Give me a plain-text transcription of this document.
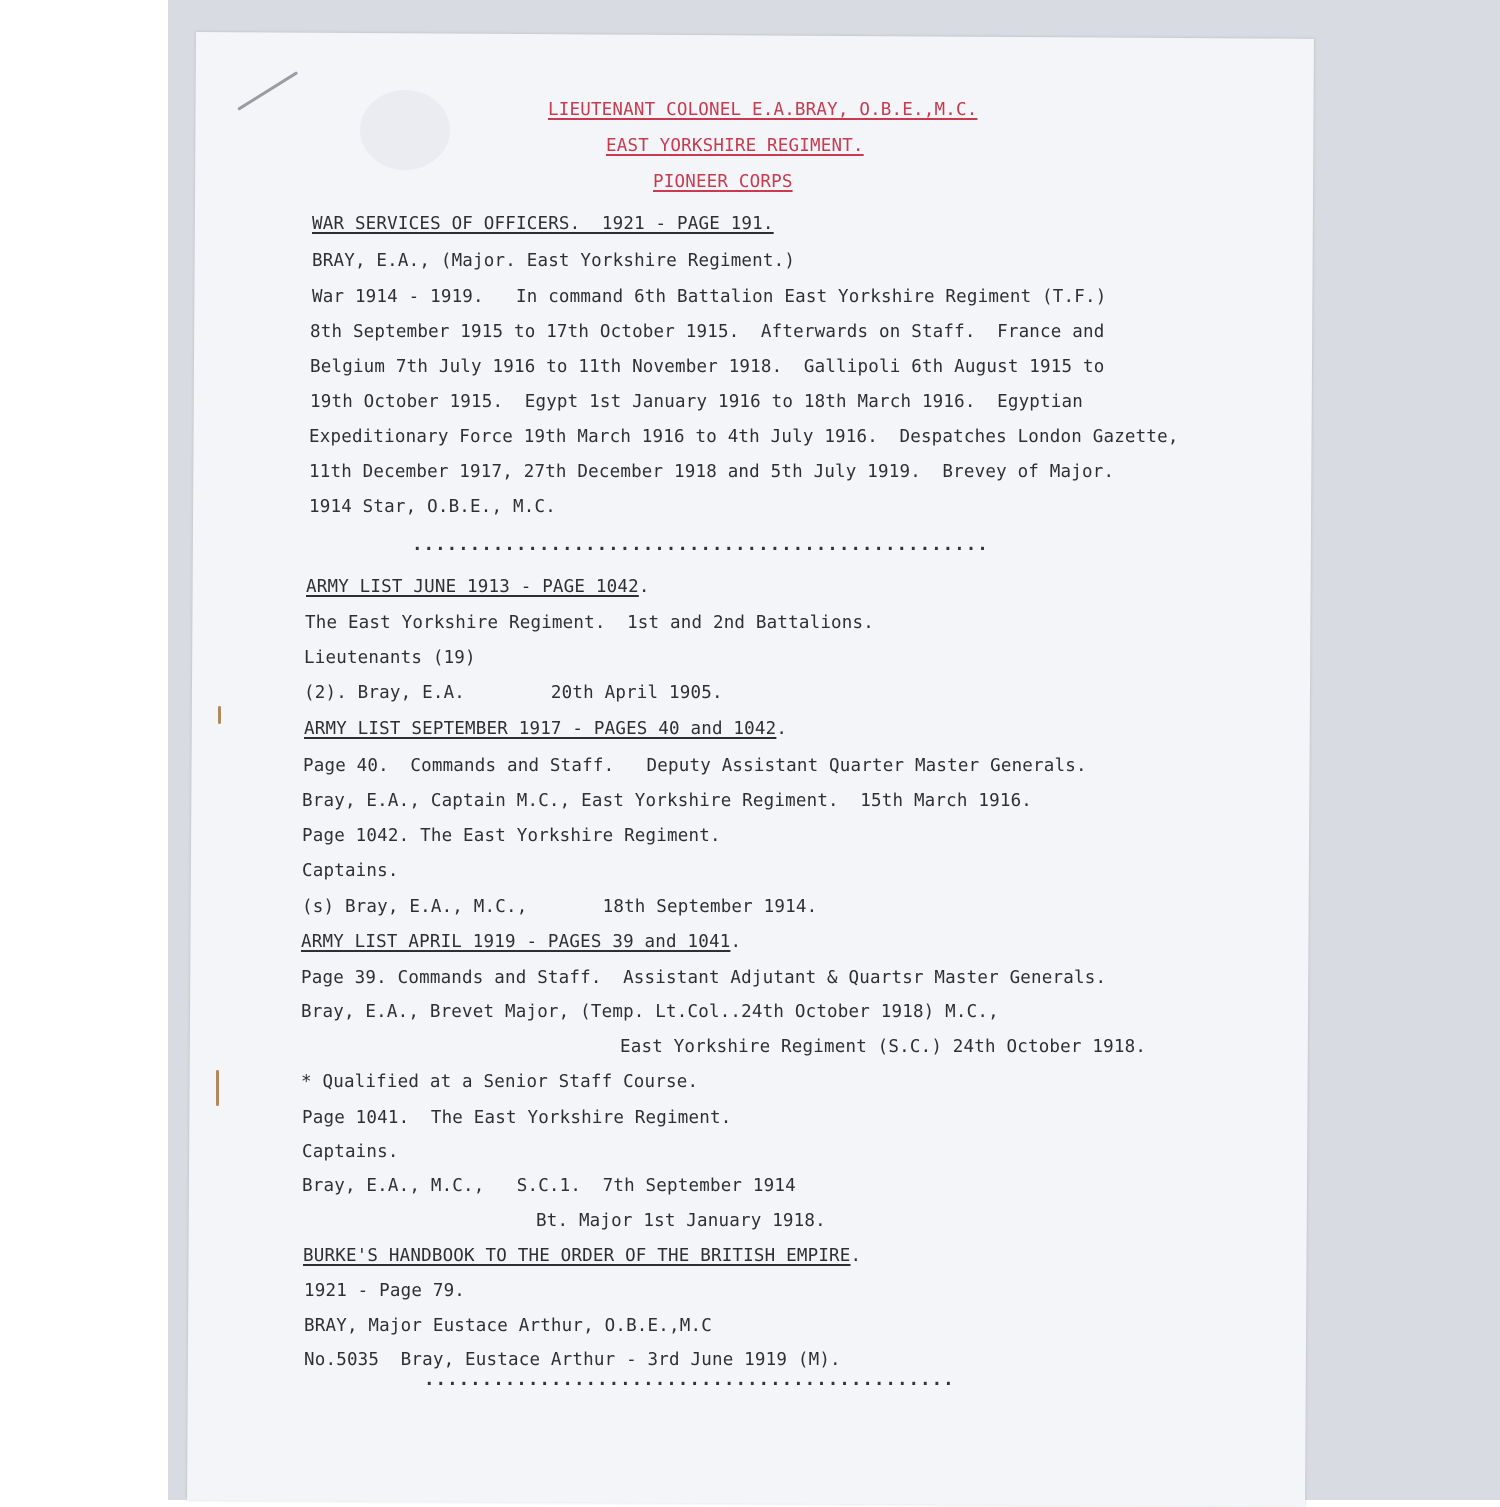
LIEUTENANT COLONEL E.A.BRAY, O.B.E.,M.C.
EAST YORKSHIRE REGIMENT.
PIONEER CORPS
WAR SERVICES OF OFFICERS.  1921 - PAGE 191.
BRAY, E.A., (Major. East Yorkshire Regiment.)
War 1914 - 1919.   In command 6th Battalion East Yorkshire Regiment (T.F.)
8th September 1915 to 17th October 1915.  Afterwards on Staff.  France and
Belgium 7th July 1916 to 11th November 1918.  Gallipoli 6th August 1915 to
19th October 1915.  Egypt 1st January 1916 to 18th March 1916.  Egyptian
Expeditionary Force 19th March 1916 to 4th July 1916.  Despatches London Gazette,
11th December 1917, 27th December 1918 and 5th July 1919.  Brevey of Major.
1914 Star, O.B.E., M.C.
..................................................
ARMY LIST JUNE 1913 - PAGE 1042.
The East Yorkshire Regiment.  1st and 2nd Battalions.
Lieutenants (19)
(2). Bray, E.A.        20th April 1905.
ARMY LIST SEPTEMBER 1917 - PAGES 40 and 1042.
Page 40.  Commands and Staff.   Deputy Assistant Quarter Master Generals.
Bray, E.A., Captain M.C., East Yorkshire Regiment.  15th March 1916.
Page 1042. The East Yorkshire Regiment.
Captains.
(s) Bray, E.A., M.C.,       18th September 1914.
ARMY LIST APRIL 1919 - PAGES 39 and 1041.
Page 39. Commands and Staff.  Assistant Adjutant & Quartsr Master Generals.
Bray, E.A., Brevet Major, (Temp. Lt.Col..24th October 1918) M.C.,
East Yorkshire Regiment (S.C.) 24th October 1918.
* Qualified at a Senior Staff Course.
Page 1041.  The East Yorkshire Regiment.
Captains.
Bray, E.A., M.C.,   S.C.1.  7th September 1914
Bt. Major 1st January 1918.
BURKE'S HANDBOOK TO THE ORDER OF THE BRITISH EMPIRE.
1921 - Page 79.
BRAY, Major Eustace Arthur, O.B.E.,M.C
No.5035  Bray, Eustace Arthur - 3rd June 1919 (M).
..............................................
